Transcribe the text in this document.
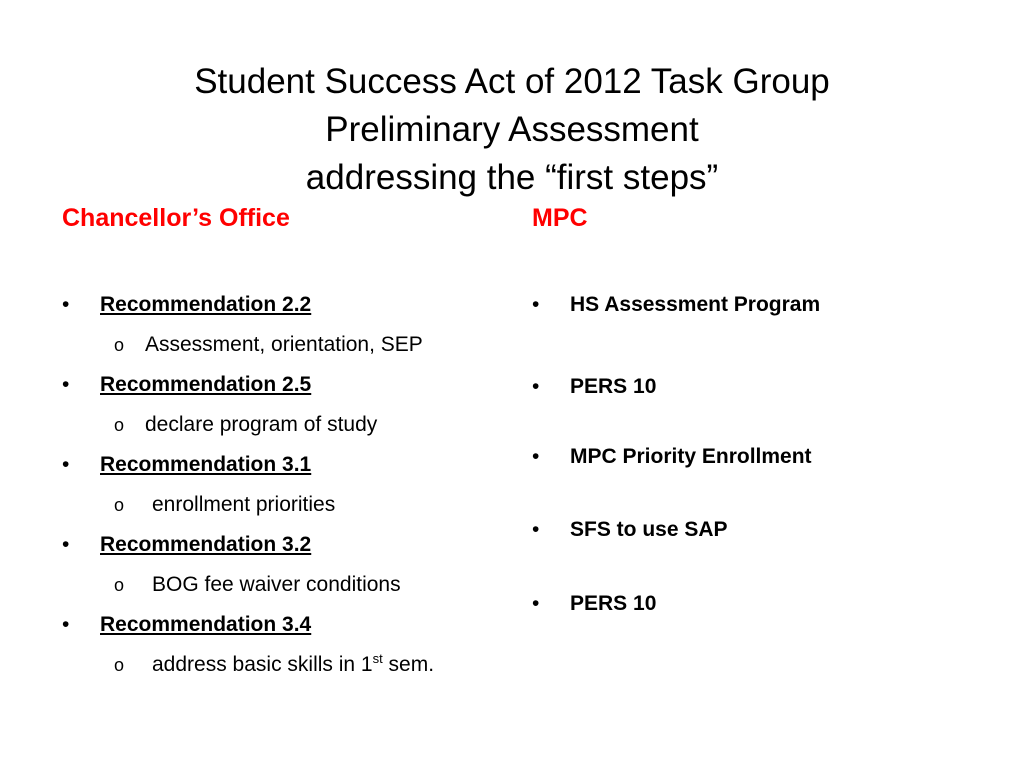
Student Success Act of 2012 Task Group
Preliminary Assessment
addressing the “first steps”
Chancellor’s Office
• Recommendation 2.2
o Assessment, orientation, SEP
• Recommendation 2.5
o declare program of study
• Recommendation 3.1
o enrollment priorities
• Recommendation 3.2
o BOG fee waiver conditions
• Recommendation 3.4
o address basic skills in 1st sem.
MPC
• HS Assessment Program
• PERS 10
• MPC Priority Enrollment
• SFS to use SAP
• PERS 10
